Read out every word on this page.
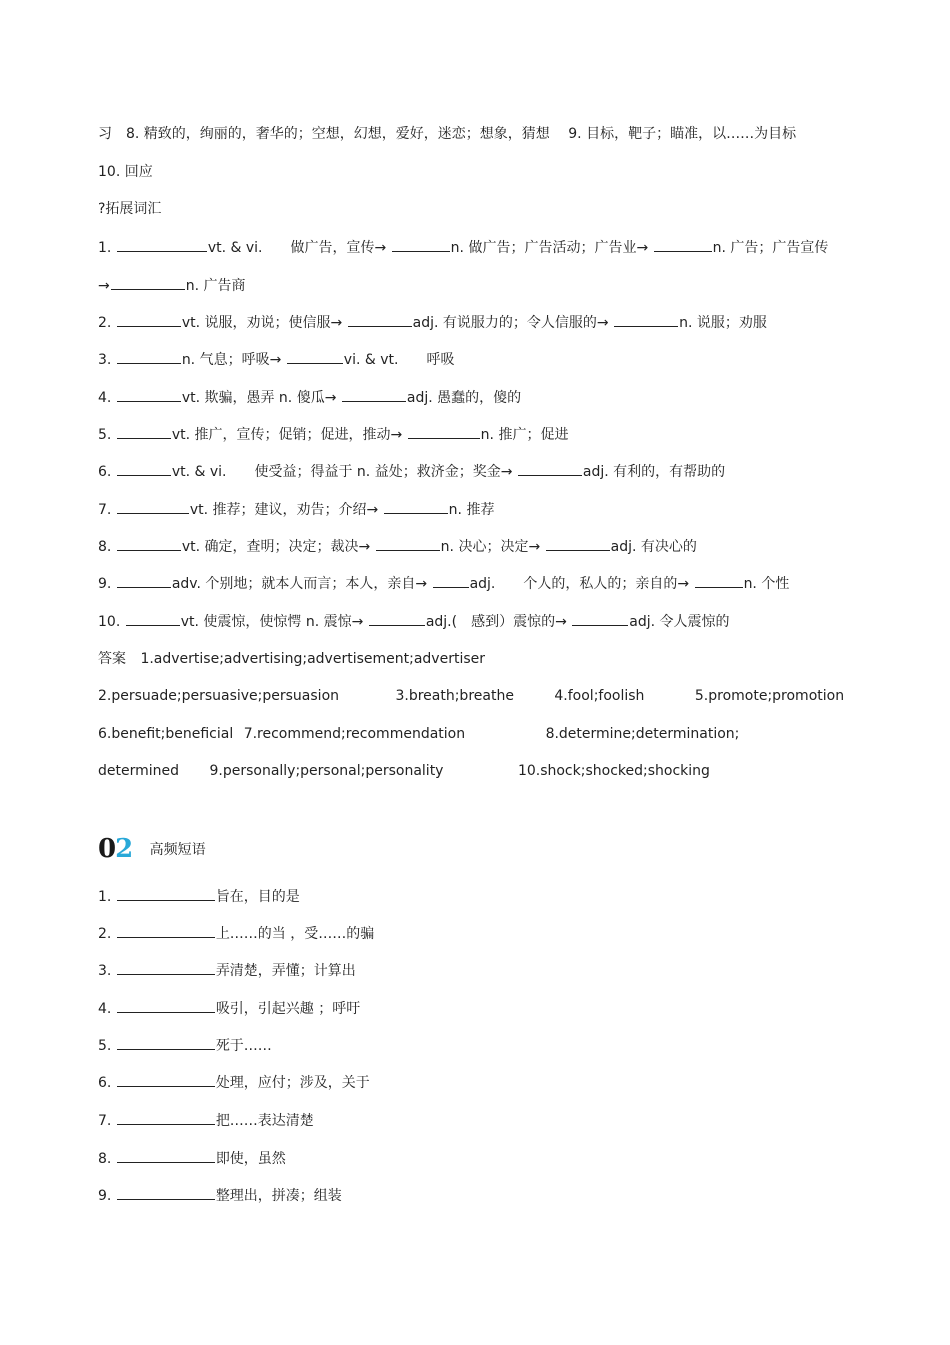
习　8. 精致的，绚丽的，奢华的；空想，幻想，爱好，迷恋；想象，猜想　 9. 目标，靶子；瞄准，以……为目标
10. 回应
?拓展词汇
1.	vt. & vi.　　做广告，宣传→	n. 做广告；广告活动；广告业→	n. 广告；广告宣传
→	n. 广告商
2.	vt. 说服，劝说；使信服→	adj. 有说服力的；令人信服的→	n. 说服；劝服
3.	n. 气息；呼吸→	vi. & vt.　　呼吸
4.	vt. 欺骗，愚弄 n. 傻瓜→	adj. 愚蠢的，傻的
5.	vt. 推广，宣传；促销；促进，推动→	n. 推广；促进
6.	vt. & vi.　　使受益；得益于 n. 益处；救济金；奖金→	adj. 有利的，有帮助的
7.	vt. 推荐；建议，劝告；介绍→	n. 推荐
8.	vt. 确定，查明；决定；裁决→	n. 决心；决定→	adj. 有决心的
9.	adv. 个别地；就本人而言；本人，亲自→	adj.　　个人的，私人的；亲自的→	n. 个性
10.	vt. 使震惊，使惊愕 n. 震惊→	adj.(　感到）震惊的→	adj. 令人震惊的
答案 1.advertise;advertising;advertisement;advertiser
2.persuade;persuasive;persuasion	3.breath;breathe	4.fool;foolish	5.promote;promotion
6.benefit;beneficial 7.recommend;recommendation	8.determine;determination;
determined 9.personally;personal;personality	10.shock;shocked;shocking
02 高频短语
1.	旨在，目的是
2.	上……的当 ，受……的骗
3.	弄清楚，弄懂；计算出
4.	吸引，引起兴趣 ；呼吁
5.	死于……
6.	处理，应付；涉及，关于
7.	把……表达清楚
8.	即使，虽然
9.	整理出，拼凑；组装
